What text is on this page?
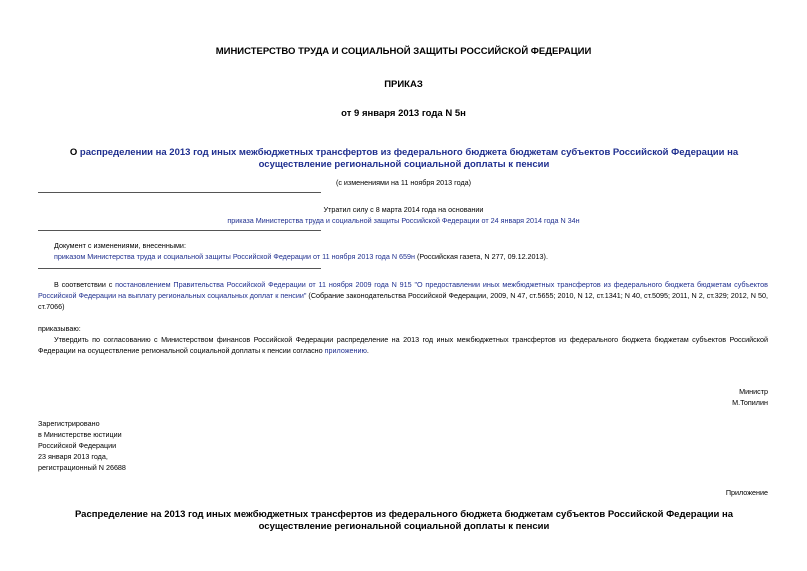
МИНИСТЕРСТВО ТРУДА И СОЦИАЛЬНОЙ ЗАЩИТЫ РОССИЙСКОЙ ФЕДЕРАЦИИ
ПРИКАЗ
от 9 января 2013 года N 5н
О распределении на 2013 год иных межбюджетных трансфертов из федерального бюджета бюджетам субъектов Российской Федерации на осуществление региональной социальной доплаты к пенсии
(с изменениями на 11 ноября 2013 года)
Утратил силу с 8 марта 2014 года на основании
приказа Министерства труда и социальной защиты Российской Федерации от 24 января 2014 года N 34н
Документ с изменениями, внесенными:
приказом Министерства труда и социальной защиты Российской Федерации от 11 ноября 2013 года N 659н (Российская газета, N 277, 09.12.2013).
В соответствии с постановлением Правительства Российской Федерации от 11 ноября 2009 года N 915 "О предоставлении иных межбюджетных трансфертов из федерального бюджета бюджетам субъектов Российской Федерации на выплату региональных социальных доплат к пенсии" (Собрание законодательства Российской Федерации, 2009, N 47, ст.5655; 2010, N 12, ст.1341; N 40, ст.5095; 2011, N 2, ст.329; 2012, N 50, ст.7066)
приказываю:
Утвердить по согласованию с Министерством финансов Российской Федерации распределение на 2013 год иных межбюджетных трансфертов из федерального бюджета бюджетам субъектов Российской Федерации на осуществление региональной социальной доплаты к пенсии согласно приложению.
Министр
М.Топилин
Зарегистрировано
в Министерстве юстиции
Российской Федерации
23 января 2013 года,
регистрационный N 26688
Приложение
Распределение на 2013 год иных межбюджетных трансфертов из федерального бюджета бюджетам субъектов Российской Федерации на осуществление региональной социальной доплаты к пенсии
